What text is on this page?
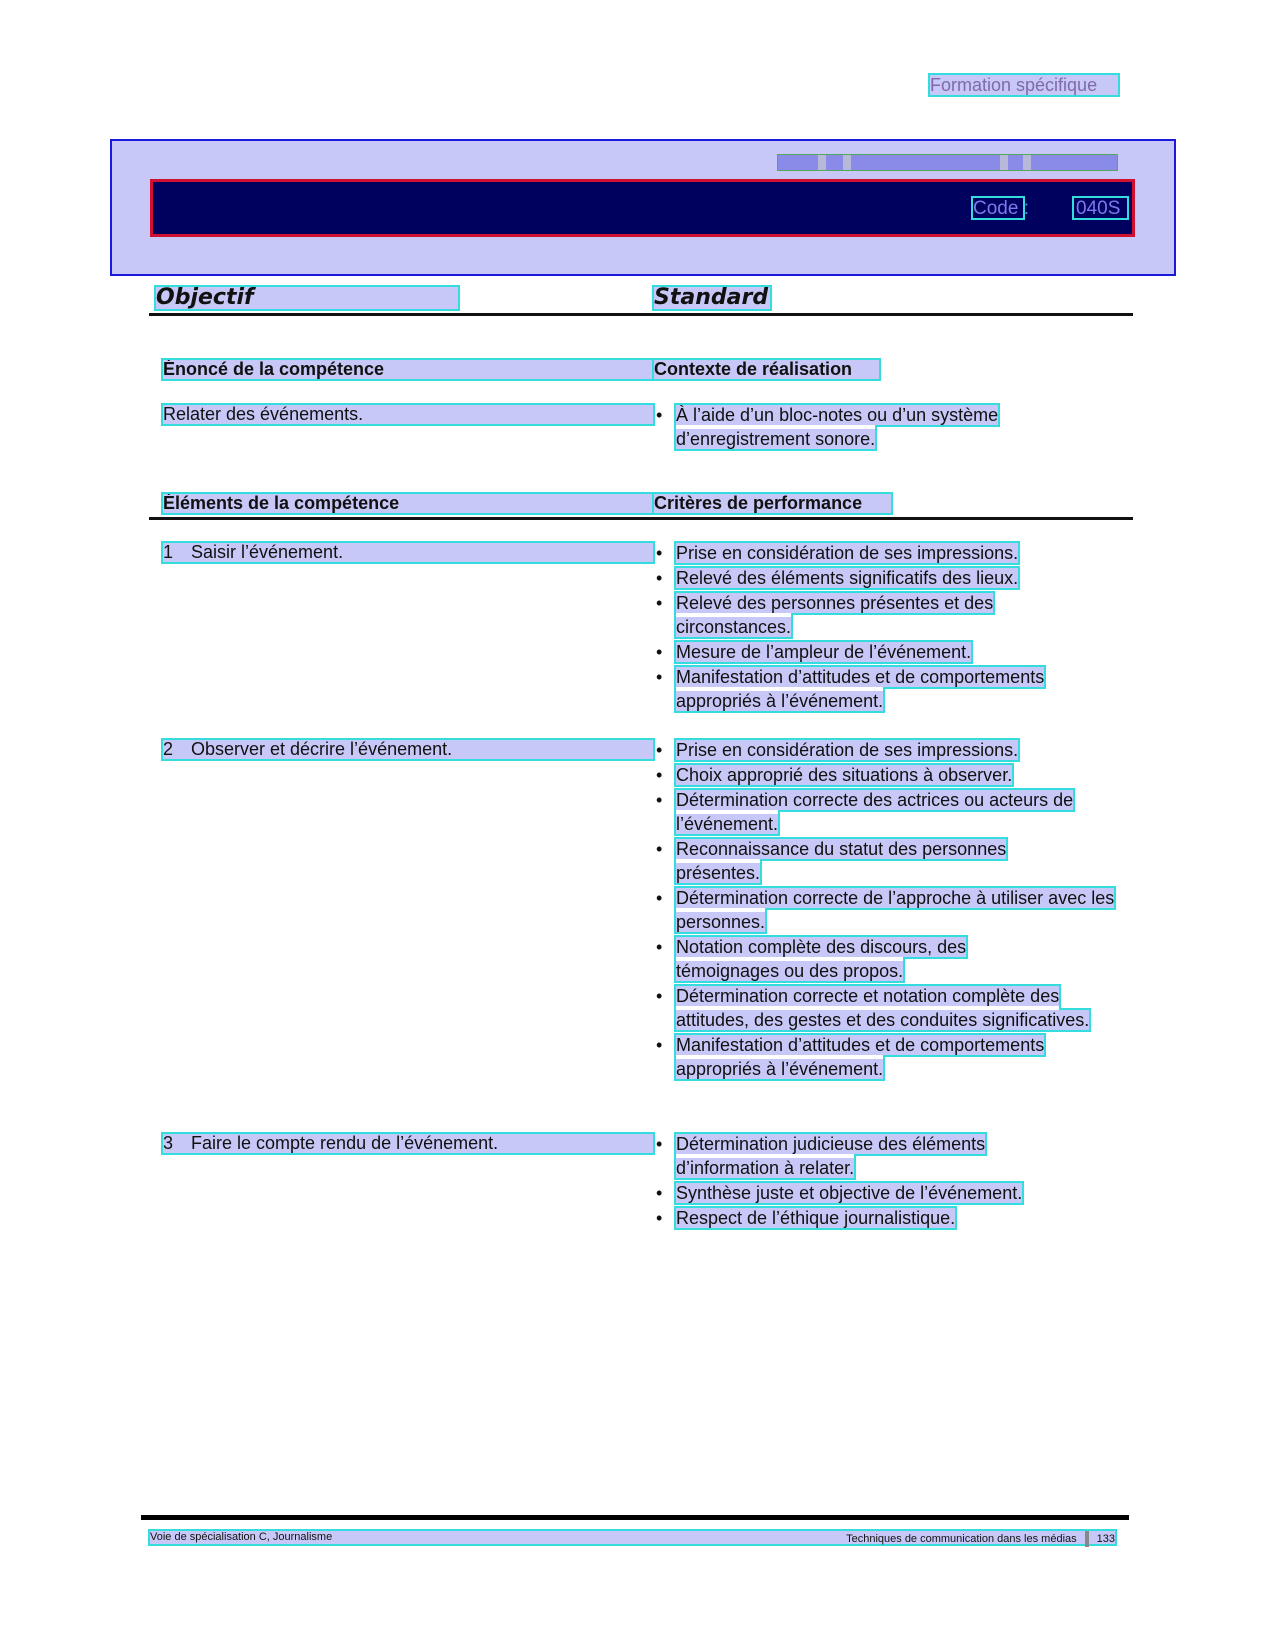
Formation spécifique
Code : 040S
Objectif	Standard
Énoncé de la compétence	Contexte de réalisation
Relater des événements.	• À l’aide d’un bloc-notes ou d’un système d’enregistrement sonore.
Éléments de la compétence	Critères de performance
1 Saisir l’événement.	• Prise en considération de ses impressions.
• Relevé des éléments significatifs des lieux.
• Relevé des personnes présentes et des circonstances.
• Mesure de l’ampleur de l’événement.
• Manifestation d’attitudes et de comportements appropriés à l’événement.
2 Observer et décrire l’événement.	• Prise en considération de ses impressions.
• Choix approprié des situations à observer.
• Détermination correcte des actrices ou acteurs de l’événement.
• Reconnaissance du statut des personnes présentes.
• Détermination correcte de l’approche à utiliser avec les personnes.
• Notation complète des discours, des témoignages ou des propos.
• Détermination correcte et notation complète des attitudes, des gestes et des conduites significatives.
• Manifestation d’attitudes et de comportements appropriés à l’événement.
3 Faire le compte rendu de l’événement.	• Détermination judicieuse des éléments d’information à relater.
• Synthèse juste et objective de l’événement.
• Respect de l’éthique journalistique.
Voie de spécialisation C, Journalisme	Techniques de communication dans les médias 133
